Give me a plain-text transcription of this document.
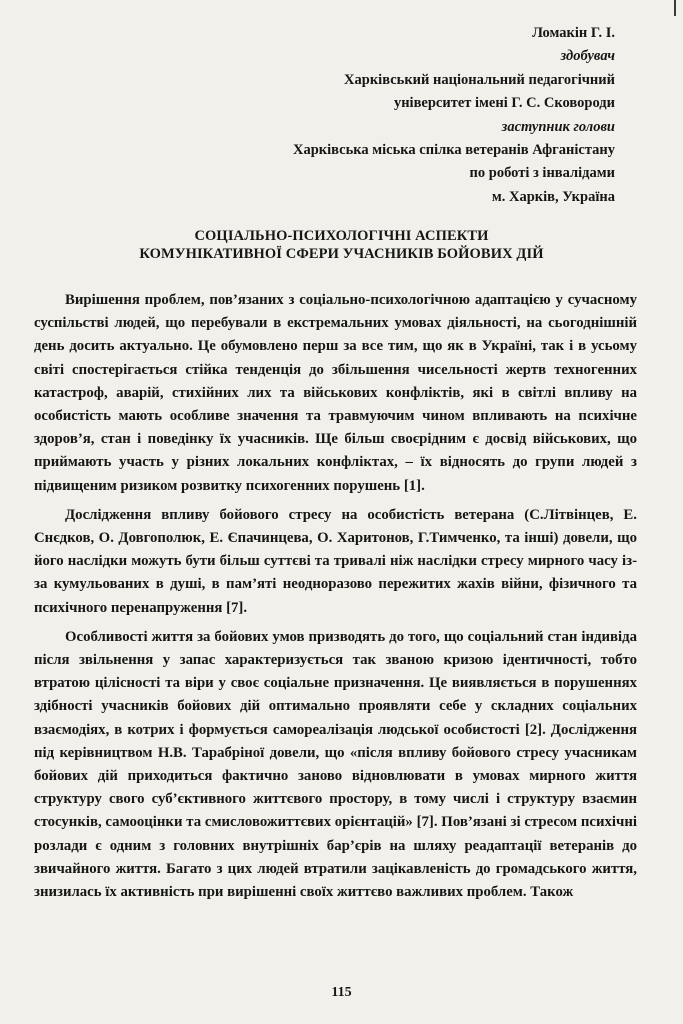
Ломакін Г. І.
здобувач
Харківський національний педагогічний
університет імені Г. С. Сковороди
заступник голови
Харківська міська спілка ветеранів Афганістану
по роботі з інвалідами
м. Харків, Україна
СОЦІАЛЬНО-ПСИХОЛОГІЧНІ АСПЕКТИ
КОМУНІКАТИВНОЇ СФЕРИ УЧАСНИКІВ БОЙОВИХ ДІЙ

Вирішення проблем, пов’язаних з соціально-психологічною адаптацією у сучасному суспільстві людей, що перебували в екстремальних умовах діяльності, на сьогоднішній день досить актуально. Це обумовлено перш за все тим, що як в Україні, так і в усьому світі спостерігається стійка тенденція до збільшення чисельності жертв техногенних катастроф, аварій, стихійних лих та військових конфліктів, які в світлі впливу на особистість мають особливе значення та травмуючим чином впливають на психічне здоров’я, стан і поведінку їх учасників. Ще більш своєрідним є досвід військових, що приймають участь у різних локальних конфліктах, – їх відносять до групи людей з підвищеним ризиком розвитку психогенних порушень [1].

Дослідження впливу бойового стресу на особистість ветерана (С.Літвінцев, Е. Снєдков, О. Довгополюк, Е. Єпачинцева, О. Харитонов, Г.Тимченко, та інші) довели, що його наслідки можуть бути більш суттєві та тривалі ніж наслідки стресу мирного часу із-за кумульованих в душі, в пам’яті неодноразово пережитих жахів війни, фізичного та психічного перенапруження [7].

Особливості життя за бойових умов призводять до того, що соціальний стан індивіда після звільнення у запас характеризується так званою кризою ідентичності, тобто втратою цілісності та віри у своє соціальне призначення. Це виявляється в порушеннях здібності учасників бойових дій оптимально проявляти себе у складних соціальних взаємодіях, в котрих і формується самореалізація людської особистості [2]. Дослідження під керівництвом Н.В. Тарабріної довели, що «після впливу бойового стресу учасникам бойових дій приходиться фактично заново відновлювати в умовах мирного життя структуру свого суб’єктивного життєвого простору, в тому числі і структуру взаємин стосунків, самооцінки та смисловожиттєвих орієнтацій» [7]. Пов’язані зі стресом психічні розлади є одним з головних внутрішніх бар’єрів на шляху реадаптації ветеранів до звичайного життя. Багато з цих людей втратили зацікавленість до громадського життя, знизилась їх активність при вирішенні своїх життєво важливих проблем. Також

115
